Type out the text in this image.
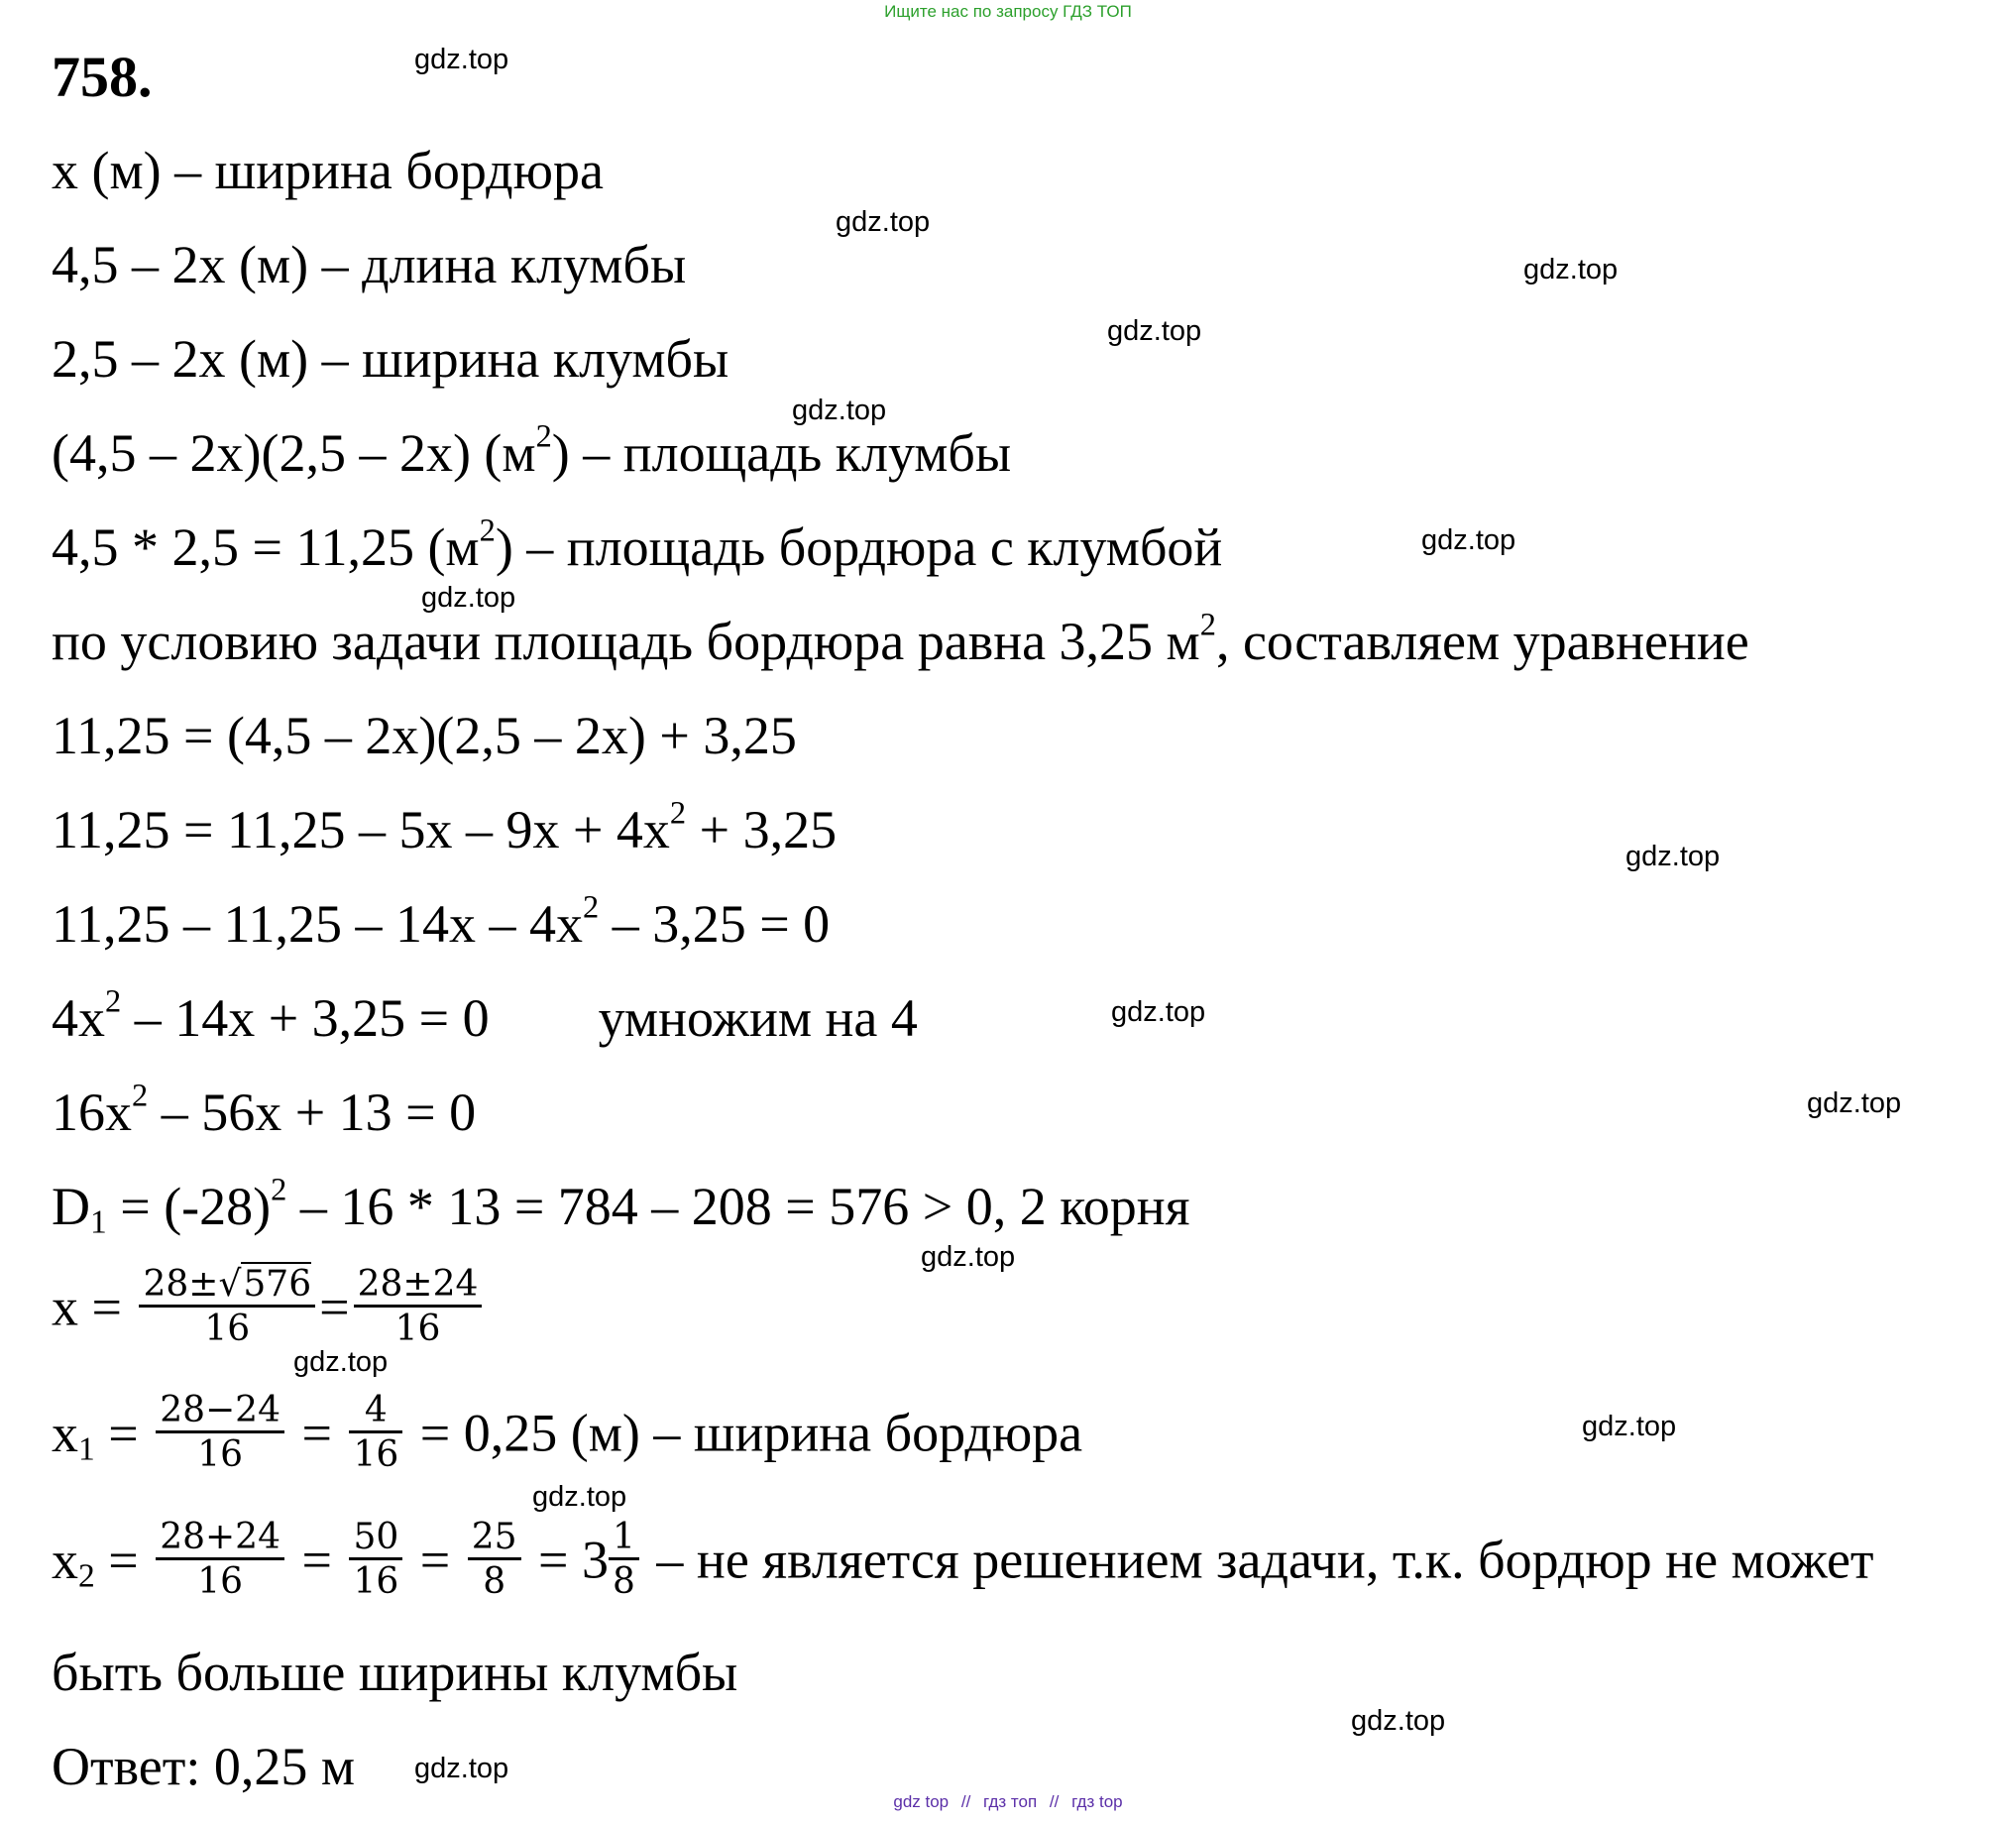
Ищите нас по запросу ГДЗ ТОП
758.
x (м) – ширина бордюра
4,5 – 2x (м) – длина клумбы
2,5 – 2x (м) – ширина клумбы
(4,5 – 2x)(2,5 – 2x) $(м^2)$ – площадь клумбы
4,5 * 2,5 = 11,25 $(м^2)$ – площадь бордюра с клумбой
по условию задачи площадь бордюра равна 3,25 $м^2$, составляем уравнение
11,25 = (4,5 – 2x)(2,5 – 2x) + 3,25
$11,25 = 11,25 - 5x - 9x + 4x^2 + 3,25$
$11,25 - 11,25 - 14x - 4x^2 - 3,25 = 0$
$4x^2 - 14x + 3,25 = 0$ умножим на 4
$16x^2 - 56x + 13 = 0$
$D_1 = (-28)^2 - 16 * 13 = 784 - 208 = 576 > 0$, 2 корня
$x = \frac{28\pm√576}{16} = \frac{28\pm 24}{16}$
$x_1 = \frac{28-24}{16} = \frac{4}{16} = 0,25$ (м) – ширина бордюра
$x_2 = \frac{28+24}{16} = \frac{50}{16} = \frac{25}{8} = 3 \frac{1}{8}$ – не является решением задачи, т.к. бордюр не может
быть больше ширины клумбы
Ответ: 0,25 м
gdz.top
gdz.top
gdz.top
gdz.top
gdz.top
gdz.top
gdz.top
gdz.top
gdz.top
gdz.top
gdz.top
gdz.top
gdz.top
gdz.top
gdz.top
gdz.top
gdz top // гдз топ // гдз top
